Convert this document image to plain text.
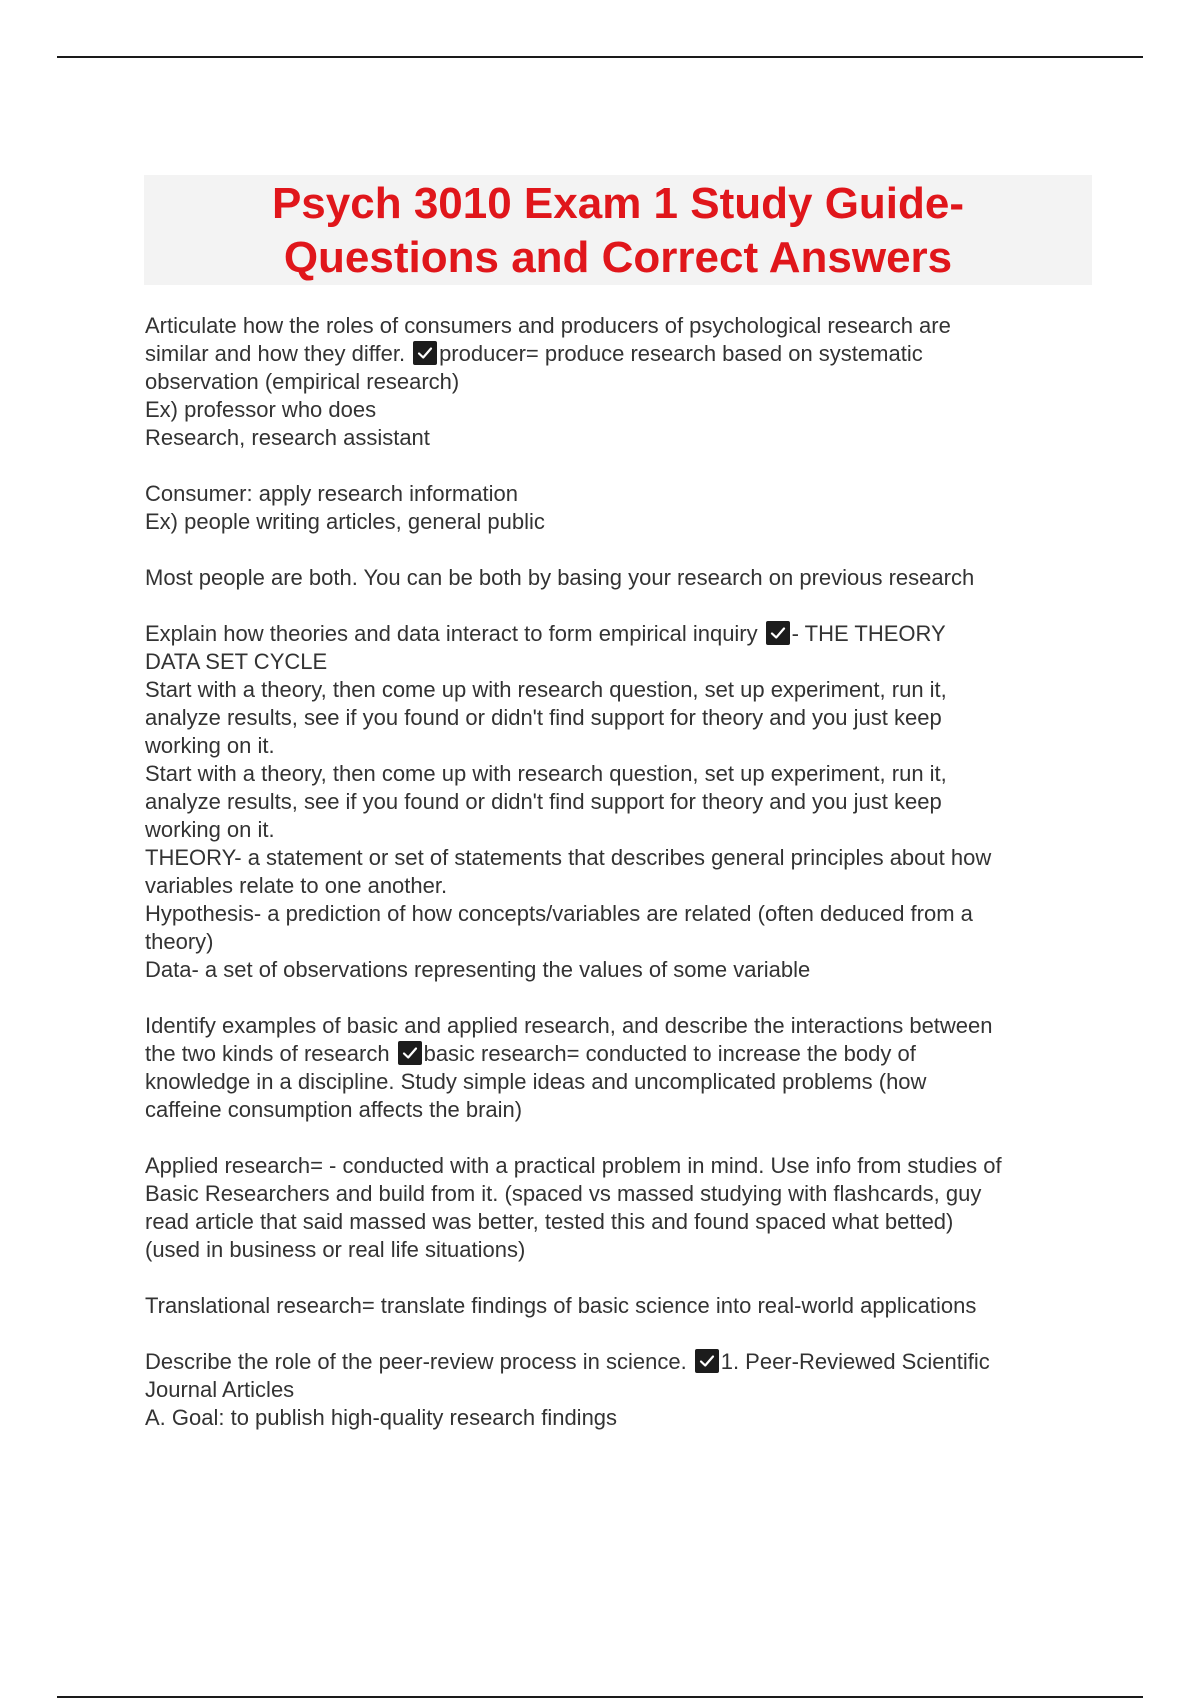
Psych 3010 Exam 1 Study Guide-
Questions and Correct Answers
Articulate how the roles of consumers and producers of psychological research are
similar and how they differ. producer= produce research based on systematic
observation (empirical research)
Ex) professor who does
Research, research assistant
Consumer: apply research information
Ex) people writing articles, general public
Most people are both. You can be both by basing your research on previous research
Explain how theories and data interact to form empirical inquiry - THE THEORY
DATA SET CYCLE
Start with a theory, then come up with research question, set up experiment, run it,
analyze results, see if you found or didn't find support for theory and you just keep
working on it.
Start with a theory, then come up with research question, set up experiment, run it,
analyze results, see if you found or didn't find support for theory and you just keep
working on it.
THEORY- a statement or set of statements that describes general principles about how
variables relate to one another.
Hypothesis- a prediction of how concepts/variables are related (often deduced from a
theory)
Data- a set of observations representing the values of some variable
Identify examples of basic and applied research, and describe the interactions between
the two kinds of research basic research= conducted to increase the body of
knowledge in a discipline. Study simple ideas and uncomplicated problems (how
caffeine consumption affects the brain)
Applied research= - conducted with a practical problem in mind. Use info from studies of
Basic Researchers and build from it. (spaced vs massed studying with flashcards, guy
read article that said massed was better, tested this and found spaced what betted)
(used in business or real life situations)
Translational research= translate findings of basic science into real-world applications
Describe the role of the peer-review process in science. 1. Peer-Reviewed Scientific
Journal Articles
A. Goal: to publish high-quality research findings
